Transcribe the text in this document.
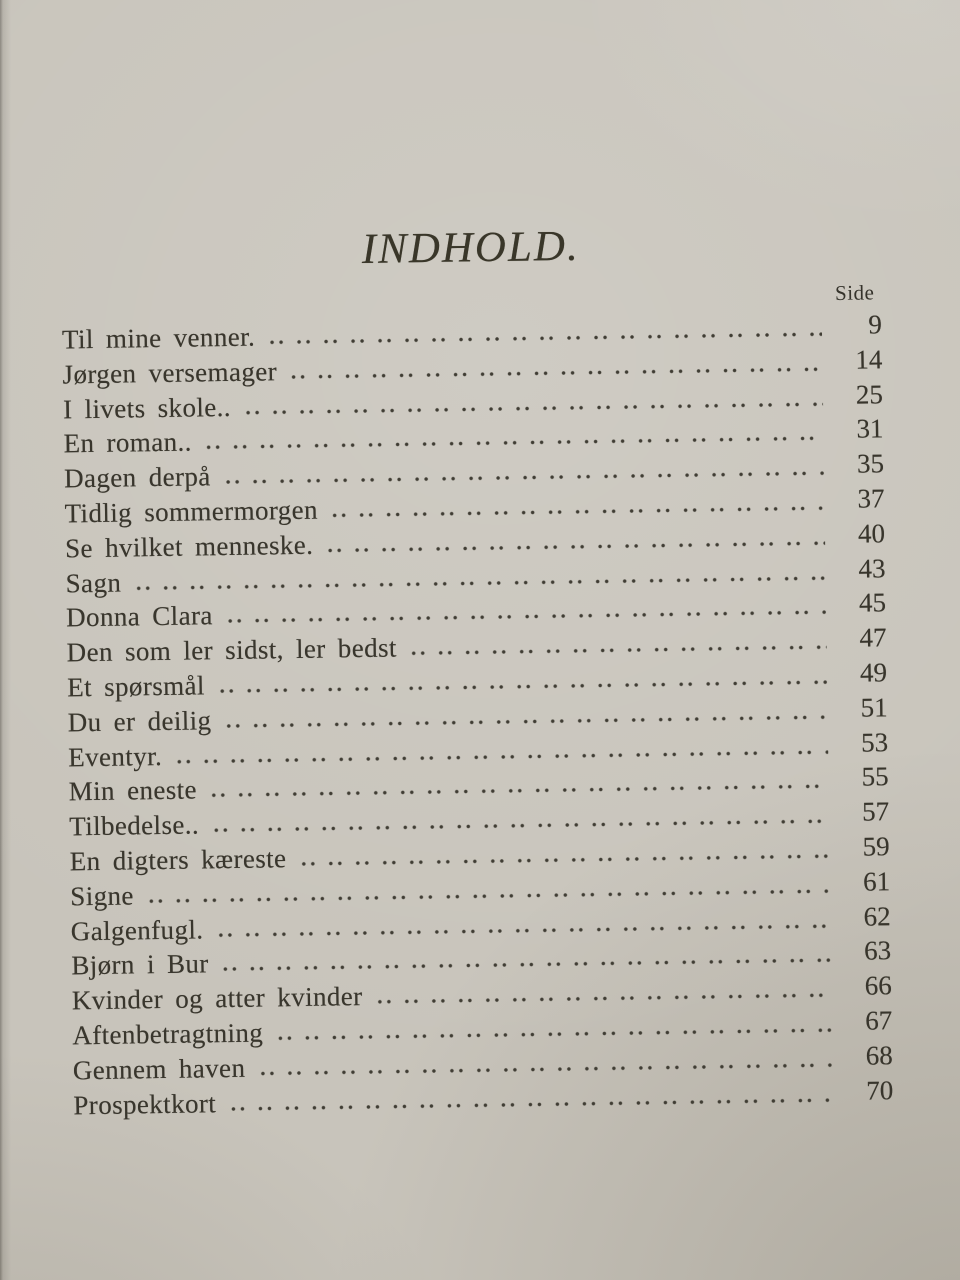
INDHOLD.
Side
Til mine venner.	9
Jørgen versemager	14
I livets skole..	25
En roman..	31
Dagen derpå	35
Tidlig sommermorgen	37
Se hvilket menneske.	40
Sagn	43
Donna Clara	45
Den som ler sidst, ler bedst	47
Et spørsmål	49
Du er deilig	51
Eventyr.	53
Min eneste	55
Tilbedelse..	57
En digters kæreste	59
Signe	61
Galgenfugl.	62
Bjørn i Bur	63
Kvinder og atter kvinder	66
Aftenbetragtning	67
Gennem haven	68
Prospektkort	70
